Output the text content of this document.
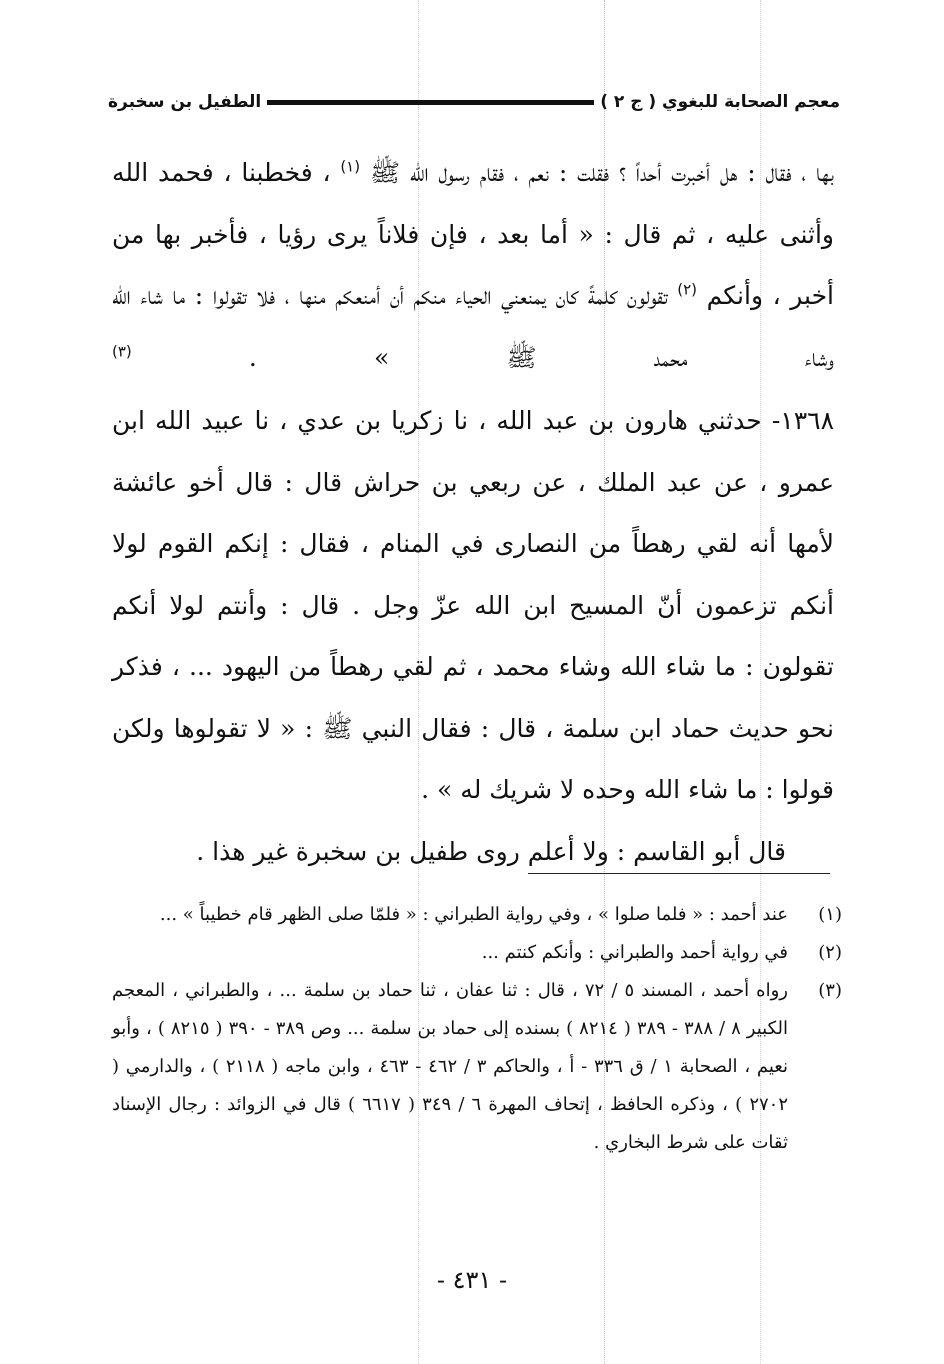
معجم الصحابة للبغوي ( ج ٢ )
الطفيل بن سخبرة

بها ، فقال : هل أخبرت أحداً ؟ فقلت : نعم ، فقام رسول الله ﷺ $^{(١)}$ ، فخطبنا ، فحمد الله وأثنى عليه ، ثم قال : « أما بعد ، فإن فلاناً يرى رؤيا ، فأخبر بها من أخبر ، وأنكم $^{(٢)}$ تقولون كلمةً كان يمنعني الحياء منكم أن أمنعكم منها ، فلا تقولوا : ما شاء الله وشاء محمد ﷺ » . $^{(٣)}$

١٣٦٨- حدثني هارون بن عبد الله ، نا زكريا بن عدي ، نا عبيد الله ابن عمرو ، عن عبد الملك ، عن ربعي بن حراش قال : قال أخو عائشة لأمها أنه لقي رهطاً من النصارى في المنام ، فقال : إنكم القوم لولا أنكم تزعمون أنّ المسيح ابن الله عزّ وجل . قال : وأنتم لولا أنكم تقولون : ما شاء الله وشاء محمد ، ثم لقي رهطاً من اليهود ... ، فذكر نحو حديث حماد ابن سلمة ، قال : فقال النبي ﷺ : « لا تقولوها ولكن قولوا : ما شاء الله وحده لا شريك له » .

قال أبو القاسم : ولا أعلم روى طفيل بن سخبرة غير هذا .

(١)
عند أحمد : « فلما صلوا » ، وفي رواية الطبراني : « فلمّا صلى الظهر قام خطيباً » ...
(٢)
في رواية أحمد والطبراني : وأنكم كنتم ...
(٣)
رواه أحمد ، المسند ٥ / ٧٢ ، قال : ثنا عفان ، ثنا حماد بن سلمة ... ، والطبراني ، المعجم الكبير ٨ / ٣٨٨ - ٣٨٩ ( ٨٢١٤ ) بسنده إلى حماد بن سلمة ... وص ٣٨٩ - ٣٩٠ ( ٨٢١٥ ) ، وأبو نعيم ، الصحابة ١ / ق ٣٣٦ - أ ، والحاكم ٣ / ٤٦٢ - ٤٦٣ ، وابن ماجه ( ٢١١٨ ) ، والدارمي ( ٢٧٠٢ ) ، وذكره الحافظ ، إتحاف المهرة ٦ / ٣٤٩ ( ٦٦١٧ ) قال في الزوائد : رجال الإسناد ثقات على شرط البخاري .
- ٤٣١ -
